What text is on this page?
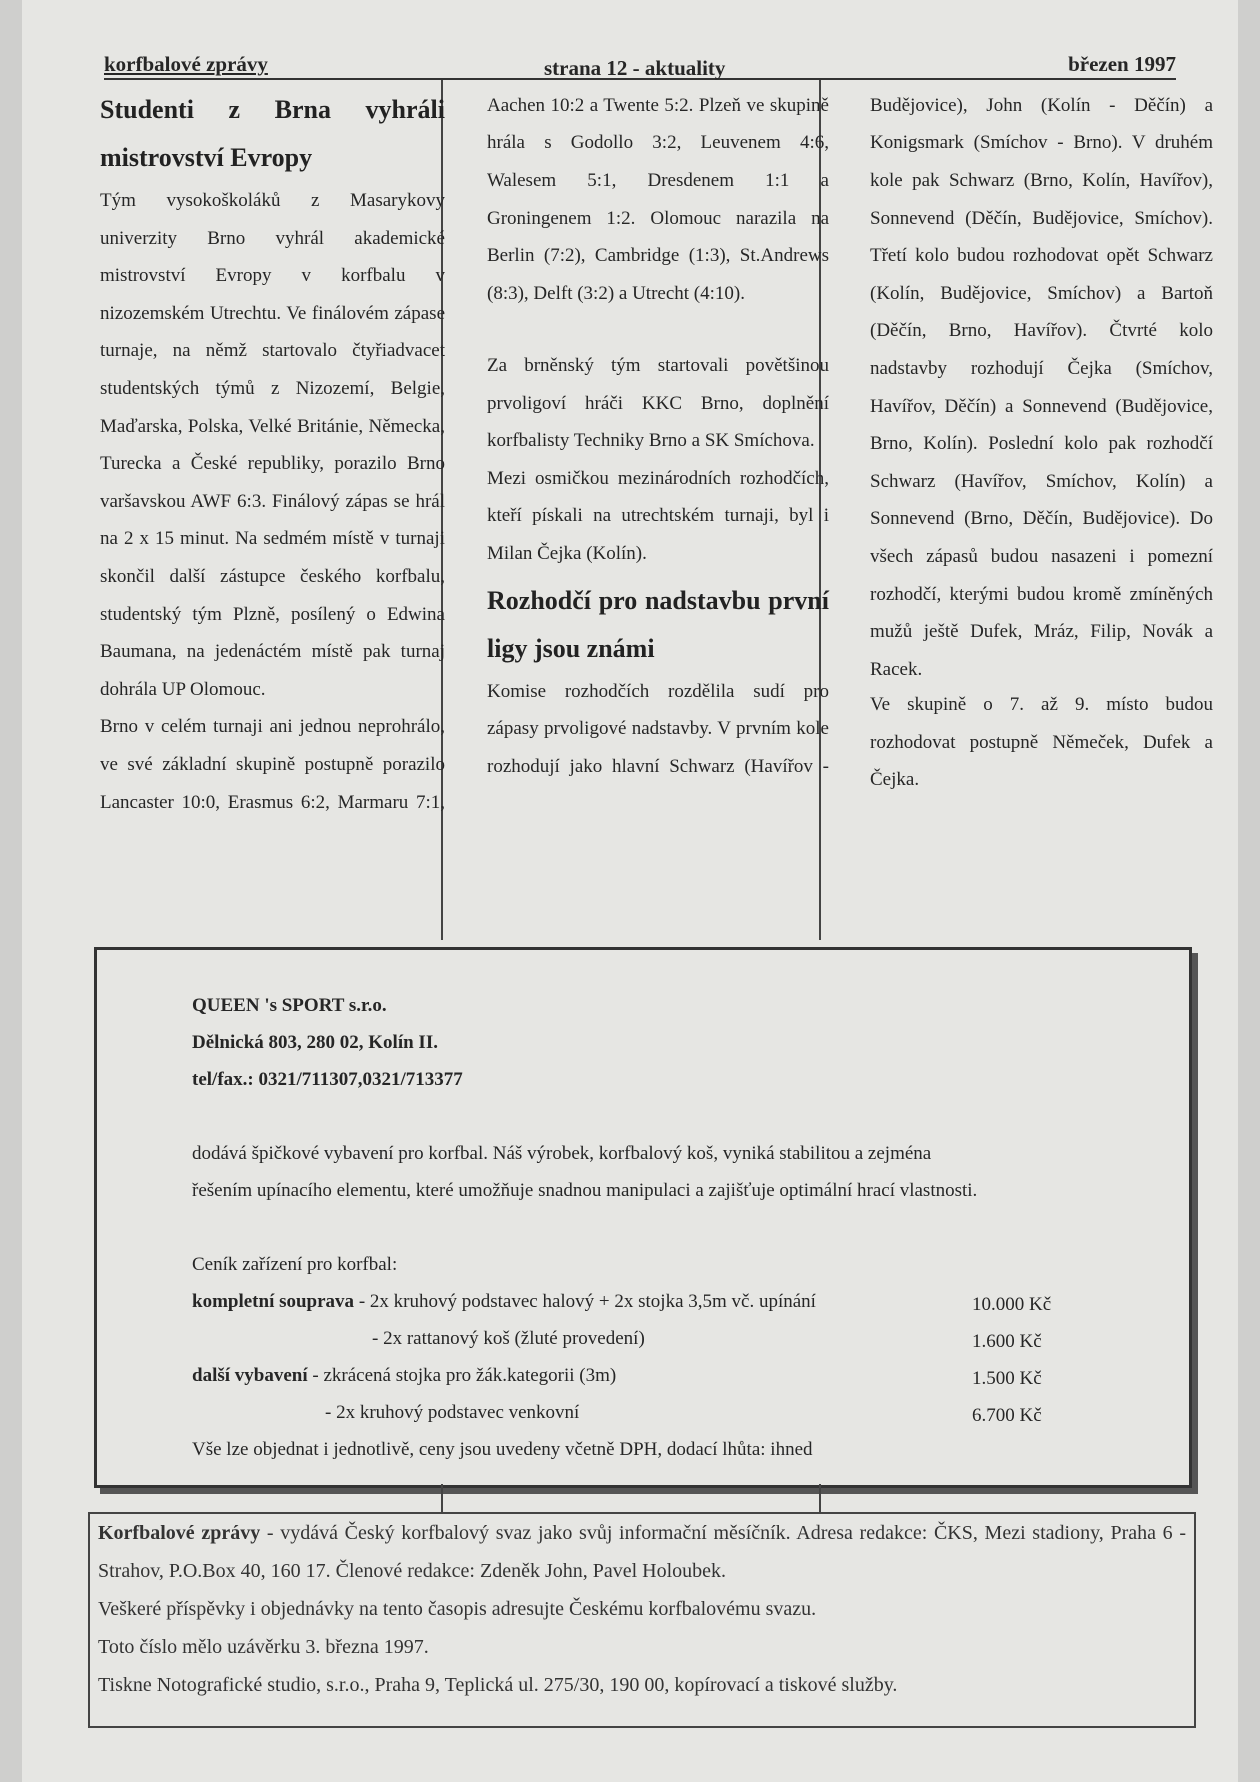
korfbalové zprávy	strana 12 - aktuality	březen 1997
Studenti z Brna vyhráli mistrovství Evropy

Tým vysokoškoláků z Masarykovy univerzity Brno vyhrál akademické mistrovství Evropy v korfbalu v nizozemském Utrechtu. Ve finálovém zápase turnaje, na němž startovalo čtyřiadvacet studentských týmů z Nizozemí, Belgie, Maďarska, Polska, Velké Británie, Německa, Turecka a České republiky, porazilo Brno varšavskou AWF 6:3. Finálový zápas se hrál na 2 x 15 minut. Na sedmém místě v turnaji skončil další zástupce českého korfbalu, studentský tým Plzně, posílený o Edwina Baumana, na jedenáctém místě pak turnaj dohrála UP Olomouc.

Brno v celém turnaji ani jednou neprohrálo, ve své základní skupině postupně porazilo Lancaster 10:0, Erasmus 6:2, Marmaru 7:1,

Aachen 10:2 a Twente 5:2. Plzeň ve skupině hrála s Godollo 3:2, Leuvenem 4:6, Walesem 5:1, Dresdenem 1:1 a Groningenem 1:2. Olomouc narazila na Berlin (7:2), Cambridge (1:3), St.Andrews (8:3), Delft (3:2) a Utrecht (4:10).

Za brněnský tým startovali povětšinou prvoligoví hráči KKC Brno, doplnění korfbalisty Techniky Brno a SK Smíchova.

Mezi osmičkou mezinárodních rozhodčích, kteří pískali na utrechtském turnaji, byl i Milan Čejka (Kolín).

Rozhodčí pro nadstavbu první ligy jsou známi

Komise rozhodčích rozdělila sudí pro zápasy prvoligové nadstavby. V prvním kole rozhodují jako hlavní Schwarz (Havířov -

Budějovice), John (Kolín - Děčín) a Konigsmark (Smíchov - Brno). V druhém kole pak Schwarz (Brno, Kolín, Havířov), Sonnevend (Děčín, Budějovice, Smíchov). Třetí kolo budou rozhodovat opět Schwarz (Kolín, Budějovice, Smíchov) a Bartoň (Děčín, Brno, Havířov). Čtvrté kolo nadstavby rozhodují Čejka (Smíchov, Havířov, Děčín) a Sonnevend (Budějovice, Brno, Kolín). Poslední kolo pak rozhodčí Schwarz (Havířov, Smíchov, Kolín) a Sonnevend (Brno, Děčín, Budějovice). Do všech zápasů budou nasazeni i pomezní rozhodčí, kterými budou kromě zmíněných mužů ještě Dufek, Mráz, Filip, Novák a Racek.

Ve skupině o 7. až 9. místo budou rozhodovat postupně Němeček, Dufek a Čejka.

QUEEN 's SPORT s.r.o.
Dělnická 803, 280 02, Kolín II.
tel/fax.: 0321/711307,0321/713377
dodává špičkové vybavení pro korfbal. Náš výrobek, korfbalový koš, vyniká stabilitou a zejména
řešením upínacího elementu, které umožňuje snadnou manipulaci a zajišťuje optimální hrací vlastnosti.
Ceník zařízení pro korfbal:
kompletní souprava - 2x kruhový podstavec halový + 2x stojka 3,5m vč. upínání	10.000 Kč
- 2x rattanový koš (žluté provedení)	1.600 Kč
další vybavení - zkrácená stojka pro žák.kategorii (3m)	1.500 Kč
- 2x kruhový podstavec venkovní	6.700 Kč
Vše lze objednat i jednotlivě, ceny jsou uvedeny včetně DPH, dodací lhůta: ihned

Korfbalové zprávy - vydává Český korfbalový svaz jako svůj informační měsíčník. Adresa redakce: ČKS, Mezi stadiony, Praha 6 - Strahov, P.O.Box 40, 160 17. Členové redakce: Zdeněk John, Pavel Holoubek.

Veškeré příspěvky i objednávky na tento časopis adresujte Českému korfbalovému svazu.

Toto číslo mělo uzávěrku 3. března 1997.

Tiskne Notografické studio, s.r.o., Praha 9, Teplická ul. 275/30, 190 00, kopírovací a tiskové služby.
